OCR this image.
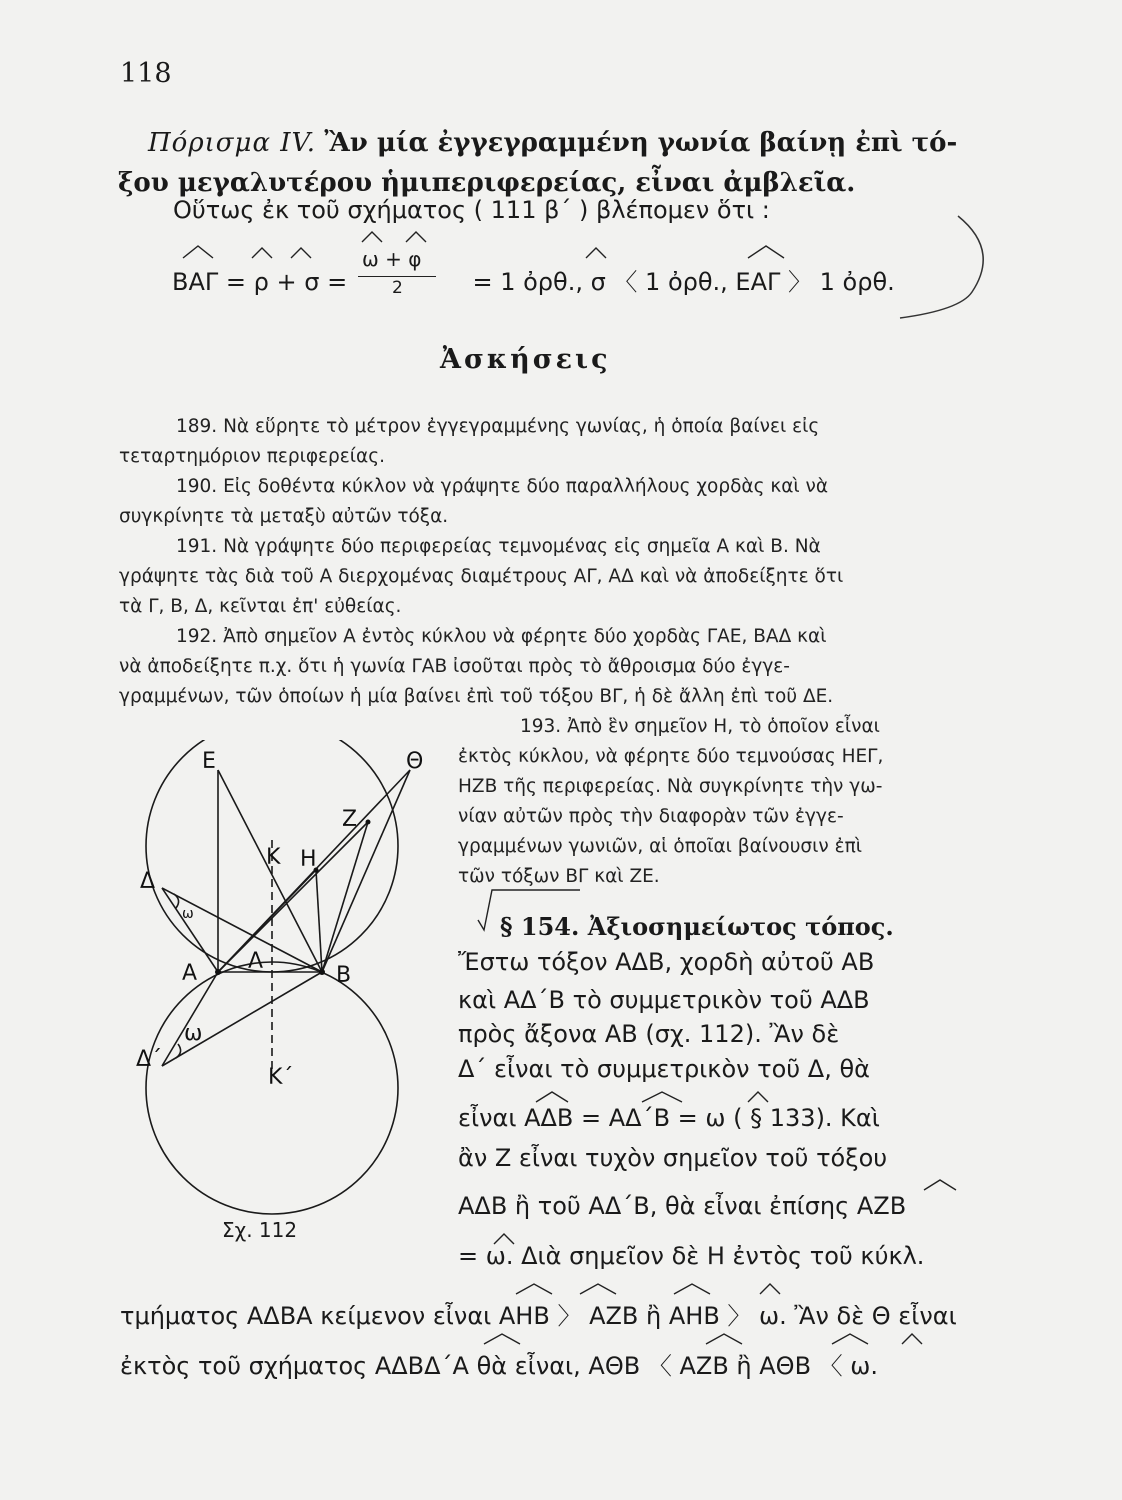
118
Πόρισμα IV. Ἂν μία ἐγγεγραμμένη γωνία βαίνῃ ἐπὶ τό-
ξου μεγαλυτέρου ἡμιπεριφερείας, εἶναι ἀμβλεῖα.
Οὕτως ἐκ τοῦ σχήματος ( 111 β΄ ) βλέπομεν ὅτι :
ΒΑΓ = ρ + σ =	= 1 ὀρθ., σ 〈 1 ὀρθ., ΕΑΓ 〉 1 ὀρθ.
ω + φ
2
Ἀσκήσεις
189. Νὰ εὕρητε τὸ μέτρον ἐγγεγραμμένης γωνίας, ἡ ὁποία βαίνει εἰς
τεταρτημόριον περιφερείας.
190. Εἰς δοθέντα κύκλον νὰ γράψητε δύο παραλλήλους χορδὰς καὶ νὰ
συγκρίνητε τὰ μεταξὺ αὐτῶν τόξα.
191. Νὰ γράψητε δύο περιφερείας τεμνομένας εἰς σημεῖα Α καὶ Β. Νὰ
γράψητε τὰς διὰ τοῦ Α διερχομένας διαμέτρους ΑΓ, ΑΔ καὶ νὰ ἀποδείξητε ὅτι
τὰ Γ, Β, Δ, κεῖνται ἐπ' εὐθείας.
192. Ἀπὸ σημεῖον Α ἐντὸς κύκλου νὰ φέρητε δύο χορδὰς ΓΑΕ, ΒΑΔ καὶ
νὰ ἀποδείξητε π.χ. ὅτι ἡ γωνία ΓΑΒ ἰσοῦται πρὸς τὸ ἄθροισμα δύο ἐγγε-
γραμμένων, τῶν ὁποίων ἡ μία βαίνει ἐπὶ τοῦ τόξου ΒΓ, ἡ δὲ ἄλλη ἐπὶ τοῦ ΔΕ.
193. Ἀπὸ ἓν σημεῖον Η, τὸ ὁποῖον εἶναι
ἐκτὸς κύκλου, νὰ φέρητε δύο τεμνούσας ΗΕΓ,
ΗΖΒ τῆς περιφερείας. Νὰ συγκρίνητε τὴν γω-
νίαν αὐτῶν πρὸς τὴν διαφορὰν τῶν ἐγγε-
γραμμένων γωνιῶν, αἱ ὁποῖαι βαίνουσιν ἐπὶ
τῶν τόξων ΒΓ καὶ ΖΕ.
§ 154. Ἀξιοσημείωτος τόπος.
Ἔστω τόξον ΑΔΒ, χορδὴ αὐτοῦ ΑΒ
καὶ ΑΔ΄Β τὸ συμμετρικὸν τοῦ ΑΔΒ
πρὸς ἄξονα ΑΒ (σχ. 112). Ἂν δὲ
Δ΄ εἶναι τὸ συμμετρικὸν τοῦ Δ, θὰ
εἶναι ΑΔΒ = ΑΔ΄Β = ω ( § 133). Καὶ
ἂν Ζ εἶναι τυχὸν σημεῖον τοῦ τόξου
ΑΔΒ ἢ τοῦ ΑΔ΄Β, θὰ εἶναι ἐπίσης ΑΖΒ
= ω. Διὰ σημεῖον δὲ Η ἐντὸς τοῦ κύκλ.
τμήματος ΑΔΒΑ κείμενον εἶναι ΑΗΒ 〉 ΑΖΒ ἢ ΑΗΒ 〉 ω. Ἂν δὲ Θ εἶναι
ἐκτὸς τοῦ σχήματος ΑΔΒΔ΄Α θὰ εἶναι, ΑΘΒ 〈 ΑΖΒ ἢ ΑΘΒ 〈 ω.
Ε	Θ
Ζ
Κ Η
Δ
ω
Α Λ
Β
ω
Δ΄
Κ΄
Σχ. 112
